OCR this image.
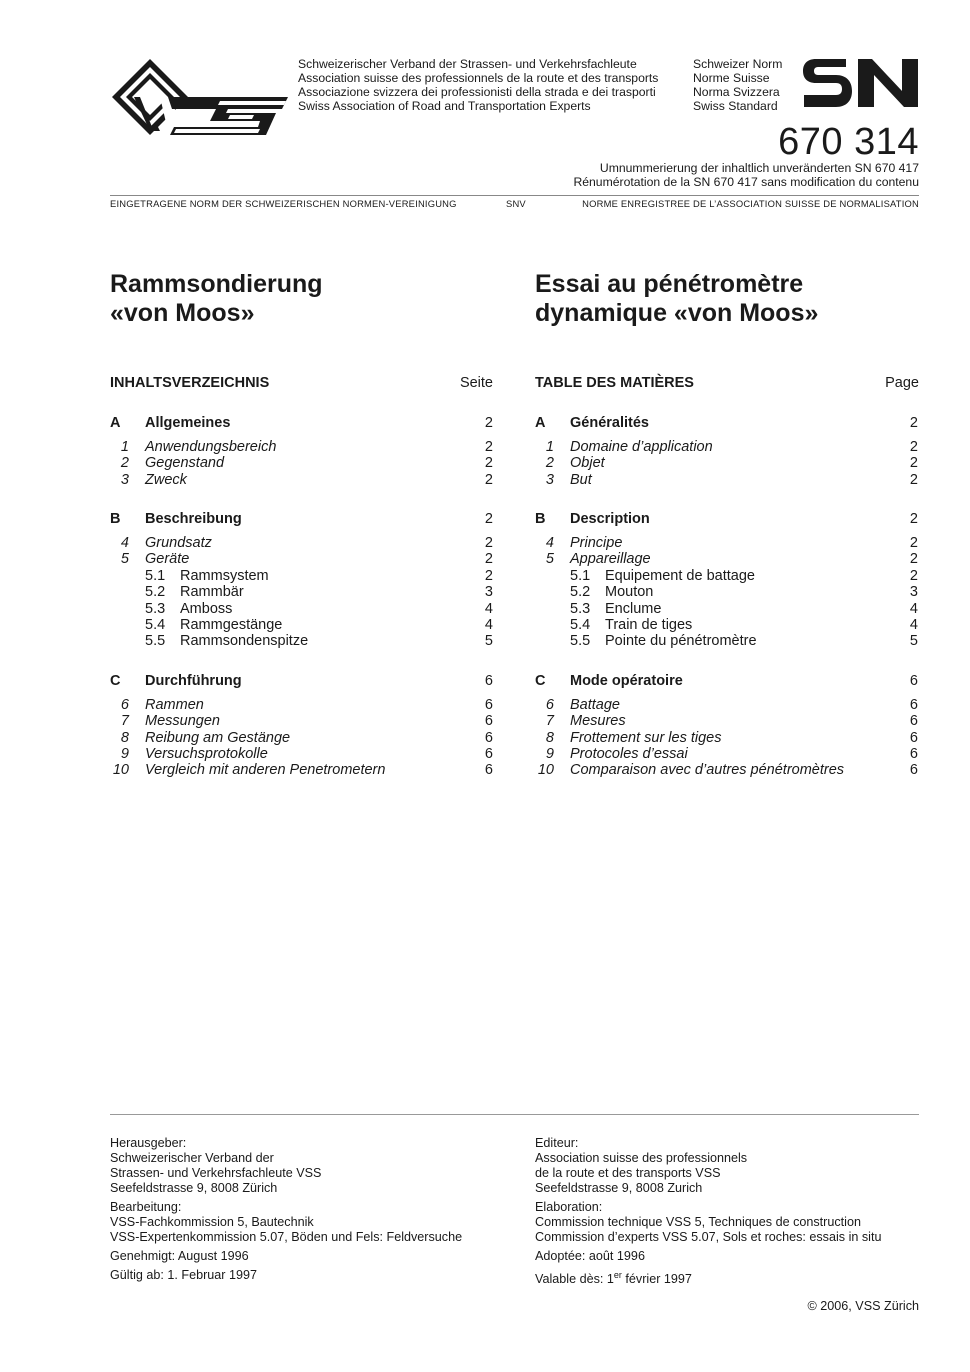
Schweizerischer Verband der Strassen- und Verkehrsfachleute
Association suisse des professionnels de la route et des transports
Associazione svizzera dei professionisti della strada e dei trasporti
Swiss Association of Road and Transportation Experts
Schweizer Norm
Norme Suisse
Norma Svizzera
Swiss Standard
670 314
Umnummerierung der inhaltlich unveränderten SN 670 417
Rénumérotation de la SN 670 417 sans modification du contenu
EINGETRAGENE NORM DER SCHWEIZERISCHEN NORMEN-VEREINIGUNG	SNV	NORME ENREGISTREE DE L’ASSOCIATION SUISSE DE NORMALISATION
Rammsondierung
«von Moos»
Essai au pénétromètre
dynamique «von Moos»
INHALTSVERZEICHNIS	Seite	TABLE DES MATIÈRES	Page
A Allgemeines	2
1 Anwendungsbereich	2
2 Gegenstand	2
3 Zweck	2
B Beschreibung	2
4 Grundsatz	2
5 Geräte	2
5.1 Rammsystem	2
5.2 Rammbär	3
5.3 Amboss	4
5.4 Rammgestänge	4
5.5 Rammsondenspitze	5
C Durchführung	6
6 Rammen	6
7 Messungen	6
8 Reibung am Gestänge	6
9 Versuchsprotokolle	6
10 Vergleich mit anderen Penetrometern	6
A Généralités	2
1 Domaine d’application	2
2 Objet	2
3 But	2
B Description	2
4 Principe	2
5 Appareillage	2
5.1 Equipement de battage	2
5.2 Mouton	3
5.3 Enclume	4
5.4 Train de tiges	4
5.5 Pointe du pénétromètre	5
C Mode opératoire	6
6 Battage	6
7 Mesures	6
8 Frottement sur les tiges	6
9 Protocoles d’essai	6
10 Comparaison avec d’autres pénétromètres	6
Herausgeber:
Schweizerischer Verband der
Strassen- und Verkehrsfachleute VSS
Seefeldstrasse 9, 8008 Zürich
Bearbeitung:
VSS-Fachkommission 5, Bautechnik
VSS-Expertenkommission 5.07, Böden und Fels: Feldversuche
Genehmigt: August 1996
Gültig ab: 1. Februar 1997
Editeur:
Association suisse des professionnels
de la route et des transports VSS
Seefeldstrasse 9, 8008 Zurich
Elaboration:
Commission technique VSS 5, Techniques de construction
Commission d’experts VSS 5.07, Sols et roches: essais in situ
Adoptée: août 1996
Valable dès: 1er février 1997
© 2006, VSS Zürich
